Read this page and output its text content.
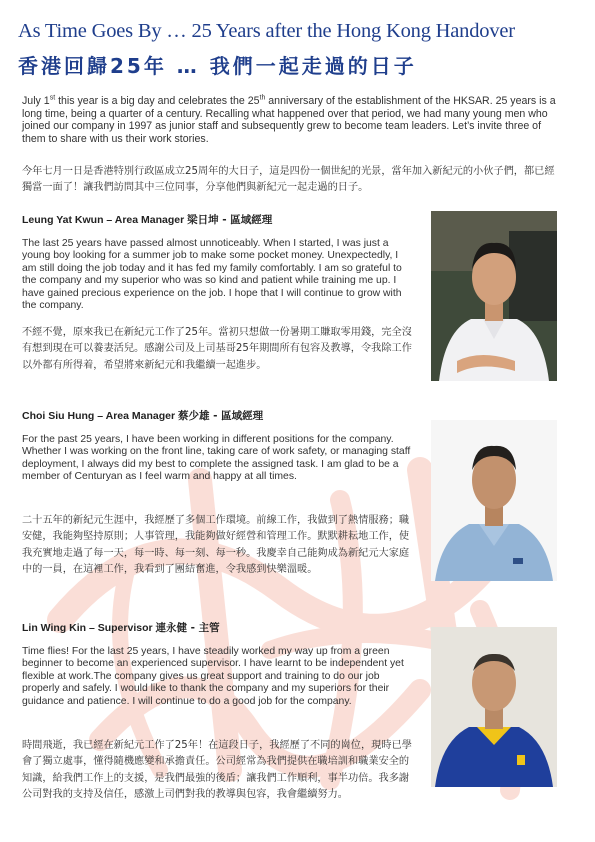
As Time Goes By … 25 Years after the Hong Kong Handover
香港回歸25年 … 我們一起走過的日子
July 1st this year is a big day and celebrates the 25th anniversary of the establishment of the HKSAR. 25 years is a long time, being a quarter of a century. Recalling what happened over that period, we had many young men who joined our company in 1997 as junior staff and subsequently grew to become team leaders. Let’s invite three of them to share with us their work stories.
今年七月一日是香港特別行政區成立25周年的大日子，這是四份一個世紀的光景，當年加入新紀元的小伙子們，都已經獨當一面了！讓我們訪問其中三位同事，分享他們與新紀元一起走過的日子。
Leung Yat Kwun – Area Manager 梁日坤 - 區域經理
The last 25 years have passed almost unnoticeably. When I started, I was just a young boy looking for a summer job to make some pocket money. Unexpectedly, I am still doing the job today and it has fed my family comfortably. I am so grateful to the company and my superior who was so kind and patient while training me up. I have gained precious experience on the job. I hope that I will continue to grow with the company.
不經不覺，原來我已在新紀元工作了25年。當初只想做一份暑期工賺取零用錢，完全沒有想到現在可以養妻活兒。感謝公司及上司基哥25年期間所有包容及教導，令我除工作以外都有所得着，希望將來新紀元和我繼續一起進步。
Choi Siu Hung – Area Manager 蔡少雄 - 區域經理
For the past 25 years, I have been working in different positions for the company. Whether I was working on the front line, taking care of work safety, or managing staff deployment, I always did my best to complete the assigned task. I am glad to be a member of Centuryan as I feel warm and happy at all times.
二十五年的新紀元生涯中，我經歷了多個工作環境。前線工作，我做到了熱情服務；職安健，我能夠堅持原則；人事管理，我能夠做好經營和管理工作。默默耕耘地工作，使我充實地走過了每一天，每一時、每一刻、每一秒。我慶幸自己能夠成為新紀元大家庭中的一員，在這裡工作，我看到了團結奮進，令我感到快樂溫暖。
Lin Wing Kin – Supervisor 連永健 - 主管
Time flies! For the last 25 years, I have steadily worked my way up from a green beginner to become an experienced supervisor. I have learnt to be independent yet flexible at work.The company gives us great support and training to do our job properly and safely. I would like to thank the company and my superiors for their guidance and patience. I will continue to do a good job for the company.
時間飛逝，我已經在新紀元工作了25年！在這段日子，我經歷了不同的崗位，現時已學會了獨立處事，懂得隨機應變和承擔責任。公司經常為我們提供在職培訓和職業安全的知識，給我們工作上的支援，是我們最強的後盾；讓我們工作順利，事半功倍。我多謝公司對我的支持及信任，感激上司們對我的教導與包容，我會繼續努力。
